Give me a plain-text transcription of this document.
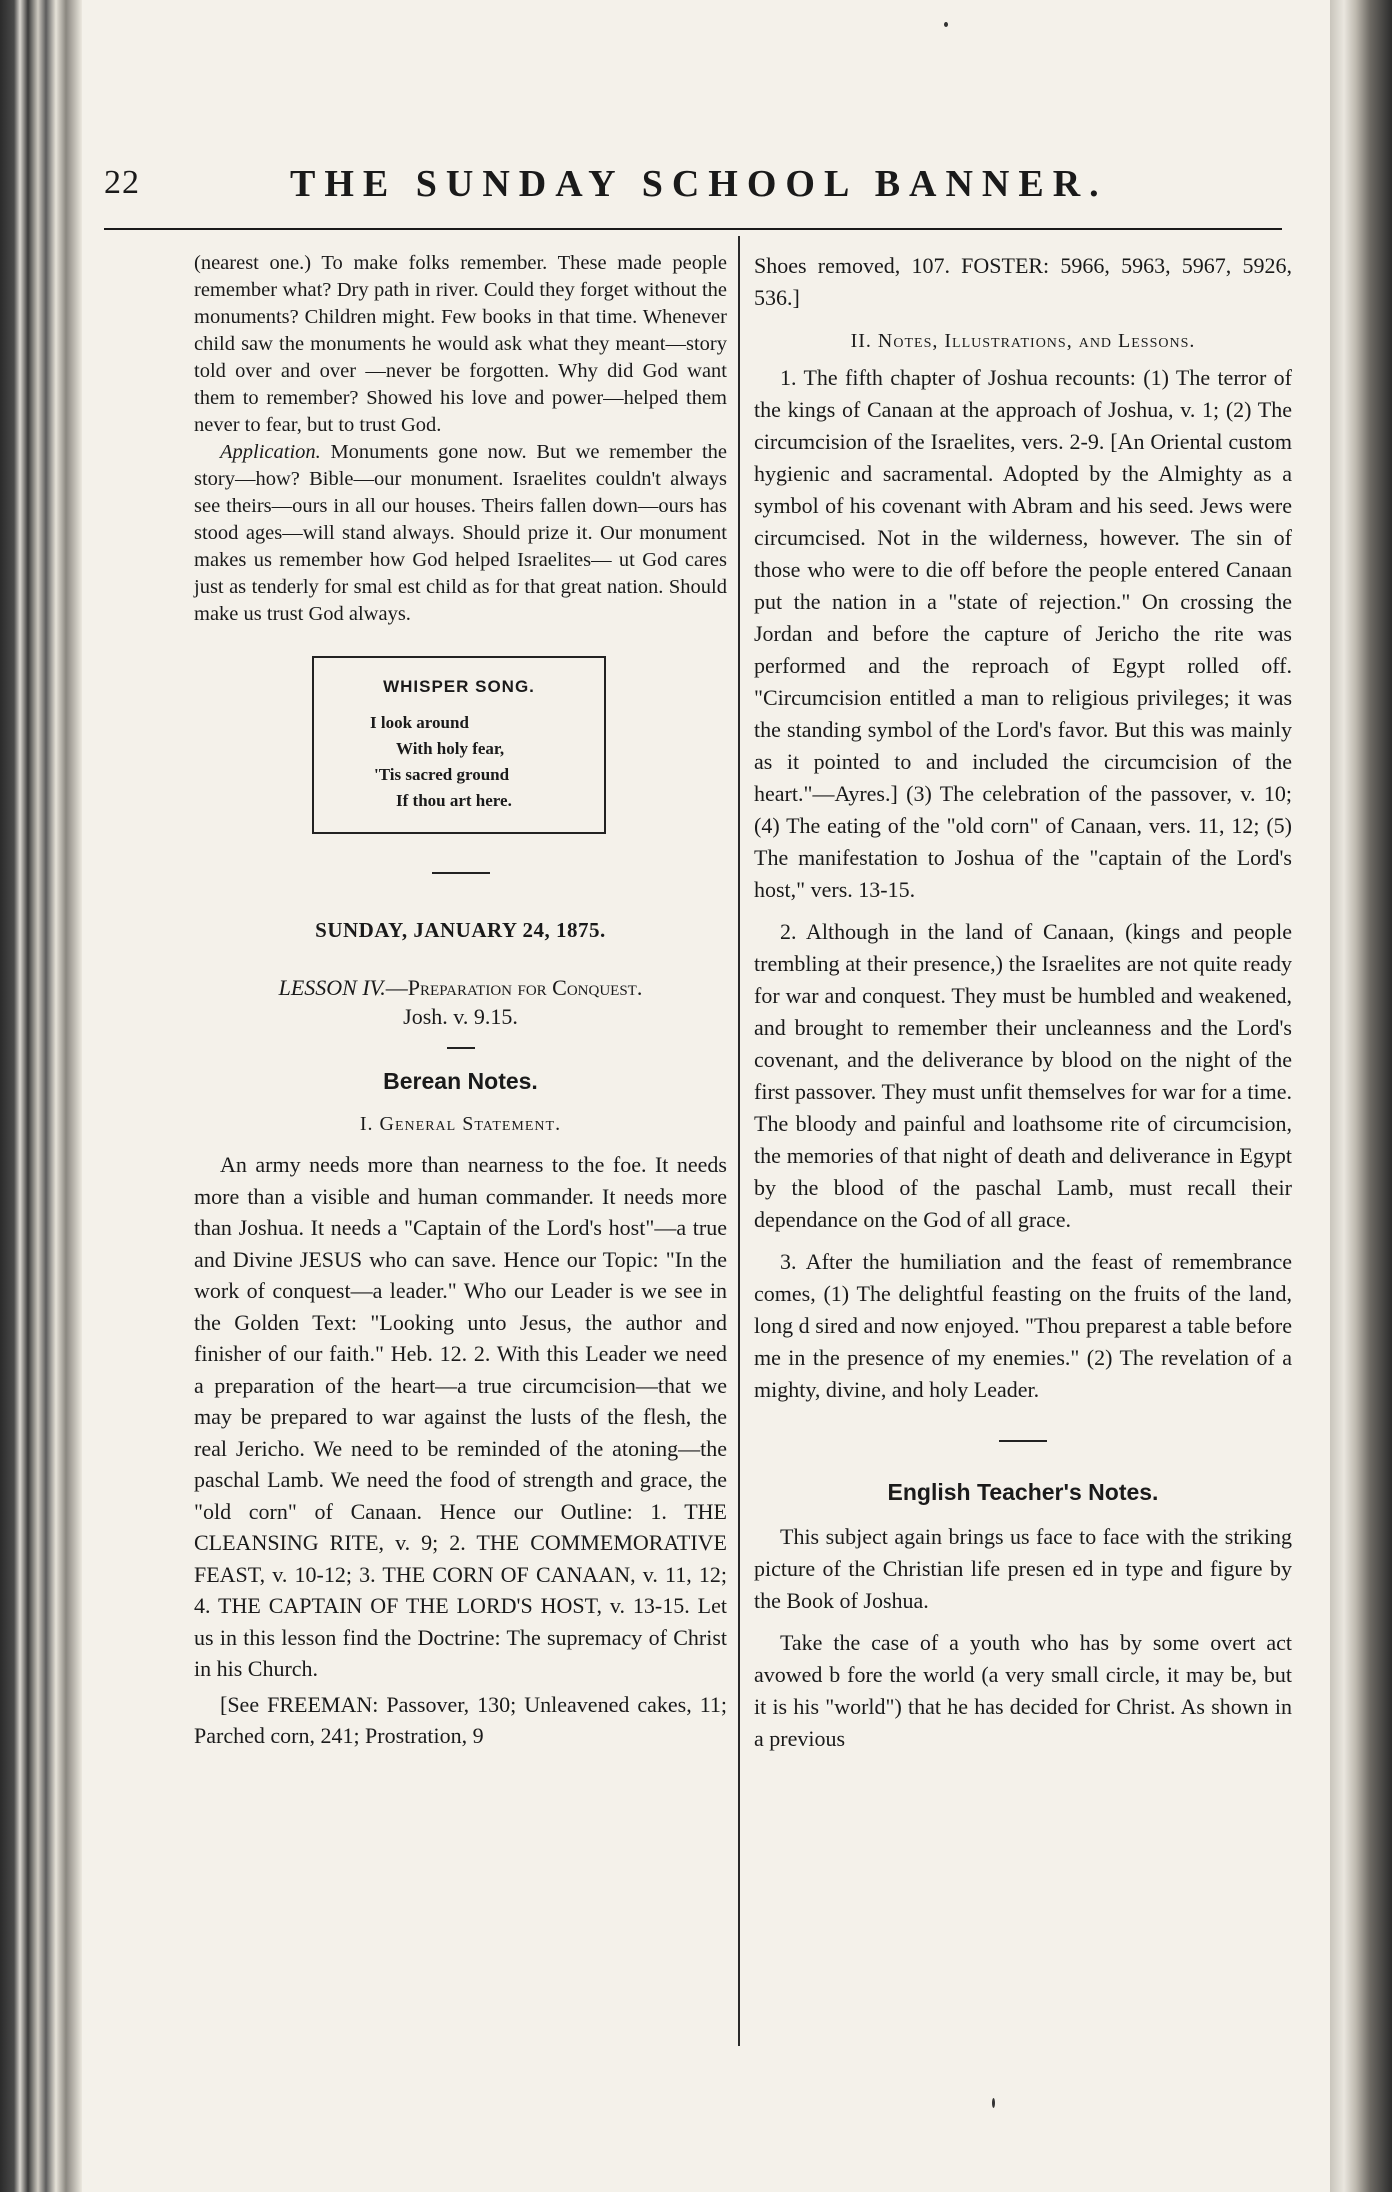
22	THE SUNDAY SCHOOL BANNER.

(nearest one.) To make folks remember. These made people remember what? Dry path in river. Could they forget without the monuments? Children might. Few books in that time. Whenever child saw the monuments he would ask what they meant—story told over and over —never be forgotten. Why did God want them to remember? Showed his love and power—helped them never to fear, but to trust God.

Application. Monuments gone now. But we remember the story—how? Bible—our monument. Israelites couldn't always see theirs—ours in all our houses. Theirs fallen down—ours has stood ages—will stand always. Should prize it. Our monument makes us remember how God helped Israelites— ut God cares just as tenderly for smal est child as for that great nation. Should make us trust God always.

WHISPER SONG.
I look around
With holy fear,
'Tis sacred ground
If thou art here.
SUNDAY, JANUARY 24, 1875.
LESSON IV.—Preparation for Conquest.
Josh. v. 9.15.
Berean Notes.
I. General Statement.

An army needs more than nearness to the foe. It needs more than a visible and human commander. It needs more than Joshua. It needs a "Captain of the Lord's host"—a true and Divine JESUS who can save. Hence our Topic: "In the work of conquest—a leader." Who our Leader is we see in the Golden Text: "Looking unto Jesus, the author and finisher of our faith." Heb. 12. 2. With this Leader we need a preparation of the heart—a true circumcision—that we may be prepared to war against the lusts of the flesh, the real Jericho. We need to be reminded of the atoning—the paschal Lamb. We need the food of strength and grace, the "old corn" of Canaan. Hence our Outline: 1. THE CLEANSING RITE, v. 9; 2. THE COMMEMORATIVE FEAST, v. 10-12; 3. THE CORN OF CANAAN, v. 11, 12; 4. THE CAPTAIN OF THE LORD'S HOST, v. 13-15. Let us in this lesson find the Doctrine: The supremacy of Christ in his Church.

[See FREEMAN: Passover, 130; Unleavened cakes, 11; Parched corn, 241; Prostration, 9

Shoes removed, 107. FOSTER: 5966, 5963, 5967, 5926, 536.]

II. Notes, Illustrations, and Lessons.

1. The fifth chapter of Joshua recounts: (1) The terror of the kings of Canaan at the approach of Joshua, v. 1; (2) The circumcision of the Israelites, vers. 2-9. [An Oriental custom hygienic and sacramental. Adopted by the Almighty as a symbol of his covenant with Abram and his seed. Jews were circumcised. Not in the wilderness, however. The sin of those who were to die off before the people entered Canaan put the nation in a "state of rejection." On crossing the Jordan and before the capture of Jericho the rite was performed and the reproach of Egypt rolled off. "Circumcision entitled a man to religious privileges; it was the standing symbol of the Lord's favor. But this was mainly as it pointed to and included the circumcision of the heart."—Ayres.] (3) The celebration of the passover, v. 10; (4) The eating of the "old corn" of Canaan, vers. 11, 12; (5) The manifestation to Joshua of the "captain of the Lord's host," vers. 13-15.

2. Although in the land of Canaan, (kings and people trembling at their presence,) the Israelites are not quite ready for war and conquest. They must be humbled and weakened, and brought to remember their uncleanness and the Lord's covenant, and the deliverance by blood on the night of the first passover. They must unfit themselves for war for a time. The bloody and painful and loathsome rite of circumcision, the memories of that night of death and deliverance in Egypt by the blood of the paschal Lamb, must recall their dependance on the God of all grace.

3. After the humiliation and the feast of remembrance comes, (1) The delightful feasting on the fruits of the land, long d sired and now enjoyed. "Thou preparest a table before me in the presence of my enemies." (2) The revelation of a mighty, divine, and holy Leader.

English Teacher's Notes.

This subject again brings us face to face with the striking picture of the Christian life presen ed in type and figure by the Book of Joshua.

Take the case of a youth who has by some overt act avowed b fore the world (a very small circle, it may be, but it is his "world") that he has decided for Christ. As shown in a previous
